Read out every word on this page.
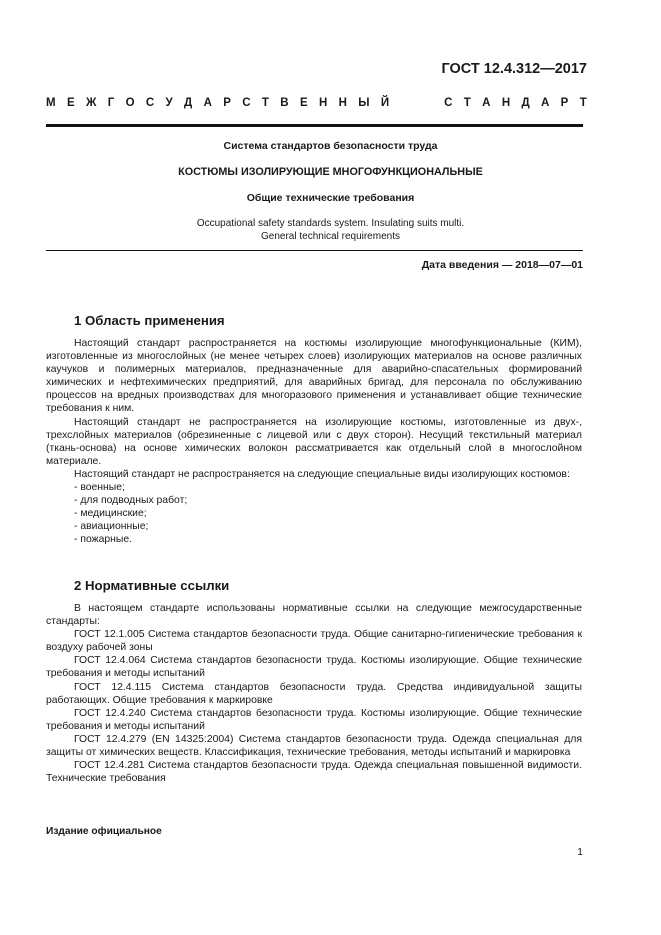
ГОСТ 12.4.312—2017

М Е Ж Г О С У Д А Р С Т В Е Н Н Ы Й

	С Т А Н Д А Р Т

Система стандартов безопасности труда

КОСТЮМЫ ИЗОЛИРУЮЩИЕ МНОГОФУНКЦИОНАЛЬНЫЕ

Общие технические требования

Occupational safety standards system. Insulating suits multi.
General technical requirements

Дата введения — 2018—07—01

1 Область применения

Настоящий стандарт распространяется на костюмы изолирующие многофункциональные (КИМ), изготовленные из многослойных (не менее четырех слоев) изолирующих материалов на основе различных каучуков и полимерных материалов, предназначенные для аварийно-спасательных формирований химических и нефтехимических предприятий, для аварийных бригад, для персонала по обслуживанию процессов на вредных производствах для многоразового применения и устанавливает общие технические требования к ним.

Настоящий стандарт не распространяется на изолирующие костюмы, изготовленные из двух-, трехслойных материалов (обрезиненные с лицевой или с двух сторон). Несущий текстильный материал (ткань-основа) на основе химических волокон рассматривается как отдельный слой в многослойном материале.

Настоящий стандарт не распространяется на следующие специальные виды изолирующих костюмов:

- военные;
- для подводных работ;
- медицинские;
- авиационные;
- пожарные.
2 Нормативные ссылки

В настоящем стандарте использованы нормативные ссылки на следующие межгосударственные стандарты:

ГОСТ 12.1.005 Система стандартов безопасности труда. Общие санитарно-гигиенические требования к воздуху рабочей зоны

ГОСТ 12.4.064 Система стандартов безопасности труда. Костюмы изолирующие. Общие технические требования и методы испытаний

ГОСТ 12.4.115 Система стандартов безопасности труда. Средства индивидуальной защиты работающих. Общие требования к маркировке

ГОСТ 12.4.240 Система стандартов безопасности труда. Костюмы изолирующие. Общие технические требования и методы испытаний

ГОСТ 12.4.279 (EN 14325:2004) Система стандартов безопасности труда. Одежда специальная для защиты от химических веществ. Классификация, технические требования, методы испытаний и маркировка

ГОСТ 12.4.281 Система стандартов безопасности труда. Одежда специальная повышенной видимости. Технические требования

Издание официальное

1
